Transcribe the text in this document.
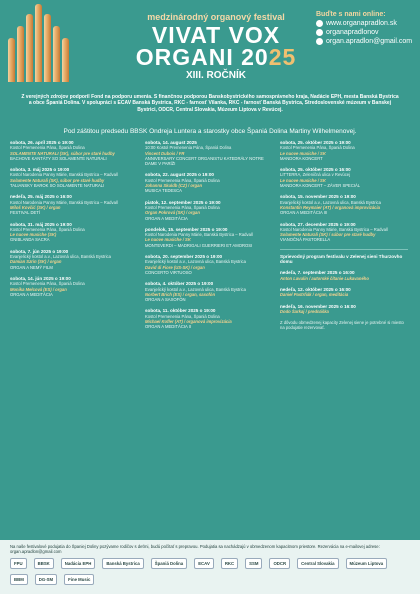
medzinárodný organový festival
VIVAT VOX
ORGANI 2025
XIII. ROČNÍK
Buďte s nami online:
www.organapradlon.sk
organapradlonov
organ.apradlon@gmail.com
Z verejných zdrojov podporil Fond na podporu umenia. S finančnou podporou Banskobystrického samosprávneho kraja, Nadácie EPH, mesta Banská Bystrica a obce Španiá Dolina. V spolupráci s ECAV Banská Bystrica, RKC - farnosť Vilanka, RKC - farnosť Banská Bystrica, Stredoslovenské múzeum v Banskej Bystrici, ODCR, Central Slovakia, Múzeum Liptova v Revúcej.
Pod záštitou predsedu BBSK Ondreja Luntera a starostky obce Španiá Dolina Martiny Wilhelmenovej.
sobota, 26. apríl 2025 o 19:00
Kostol Premenenia Pána, Španiá Dolina
SOLAMENTE NATURALI (SK), súbor pre staré hudby
BACHOVE KANTÁTY SO SOLAMENTE NATURALI
sobota, 3. máj 2025 o 19:00
Kostol Narodenia Panny Márie, Banská Bystrica – Radvaň
Solamente Naturali (SK), súbor pre staré hudby
TALIANSKY BAROK SO SOLAMENTE NATURALI
nedeľa, 25. máj 2025 o 16:00
Kostol Narodenia Panny Márie, Banská Bystrica – Radvaň
Miloš Kovčić (SK) / organ
FESTIVAL DETÍ
sobota, 31. máj 2025 o 19:00
Kostol Premenenia Pána, Španiá Dolina
Le nuove musiche (SK)
GNIBLANDA SACRA
sobota, 7. jún 2025 o 19:00
Evanjelický kostol a.v., Lazovná ulica, Banská Bystrica
Damian Szrin (SK) / organ
ORGAN A NEMÝ FILM
sobota, 14. jún 2025 o 19:00
Kostol Premenenia Pána, Španiá Dolina
Monika Melcová (ES) / organ
ORGAN A MEDITÁCIA
sobota, 14. august 2025
10:00 Kostol Premenenia Pána, Španiá Dolina
Vincent Dubois / FR
ANNIVERSARY CONCERT ORGANISTU KATEDRÁLY NOTRE DAME V PARÍŽI
sobota, 22. august 2025 o 19:00
Kostol Premenenia Pána, Španiá Dolina
Johanna Skuldb (CZ) / organ
MUSICA TEDESCA
piatok, 12. september 2025 o 19:00
Kostol Premenenia Pána, Španiá Dolina
Organ Pokrová (SK) / organ
ORGAN A MEDITÁCIA
pondelok, 15. september 2025 o 19:00
Kostol Narodenia Panny Márie, Banská Bystrica – Radvaň
Le nuove musiche / SK
MONTEVERDI – MADRIGALI GUERRIERI ET AMOROSI
sobota, 20. september 2025 o 19:00
Evanjelický kostol a.v., Lazovná ulica, Banská Bystrica
David di Fiore (US-SK) / organ
CONCERTO VIRTUOSO
sobota, 4. október 2025 o 19:00
Evanjelický kostol a.v., Lazovná ulica, Banská Bystrica
Norbert Brich (ES) / organ, saxofón
ORGAN A SAXOFÓN
sobota, 11. október 2025 o 19:00
Kostol Premenenia Pána, Španiá Dolina
Michael Kofler (AT) / organová improvizácia
ORGAN A MEDITÁCIA II
sobota, 25. október 2025 o 19:00
Kostol Premenenia Pána, Španiá Dolina
Le nuove musiche / SK
MANDORA KONCERT
sobota, 25. október 2025 o 16:00
LITTERRA, Zeleničná ulica v Revúcej
Le nuove musiche / SK
MANDORA KONCERT – ZÁVER SPECIÁL
sobota, 15. november 2025 o 19:00
Evanjelický kostol a.v., Lazovná ulica, Banská Bystrica
Konstantin Reymaier (AT) / organová improvizácia
ORGAN A MEDITÁCIA III
sobota, 27. december 2025 o 19:00
Kostol Narodenia Panny Márie, Banská Bystrica – Radvaň
Solamente Naturali (SK) / súbor pre staré hudby
VIANOČNÁ PASTORELLA
Sprievodný program festivalu v Zelenej sieni Thurzovho domu
nedeľa, 7. september 2025 o 16:00
Anton Lavulin / autorské čítanie Lukavaného
nedeľa, 12. október 2025 o 16:00
Daniel Pastrňák / organ, meditácia
nedeľa, 16. november 2025 o 16:00
Dodo Šarkaj / prednáška
Z dôvodu obmedzenej kapacity Zelenej siene je potrebné si miesto na podujatie rezervovať.
Na naše festivalové podujatia do Španiej Doliny pozývame rodičov s deťmi, budú počítať s prepravou. Podujatia sa nachádzajú v obmedzenom kapacitnom priestore. Rezervácia na e-mailovej adrese: organ.apradlon@gmail.com
FPU	BBSK	Nadácia EPH	Banská Bystrica	Španiá Dolina	ECAV	RKC	SSM	ODCR	Central Slovakia	Múzeum Liptova
BBM	DG-SM	Fine Music
